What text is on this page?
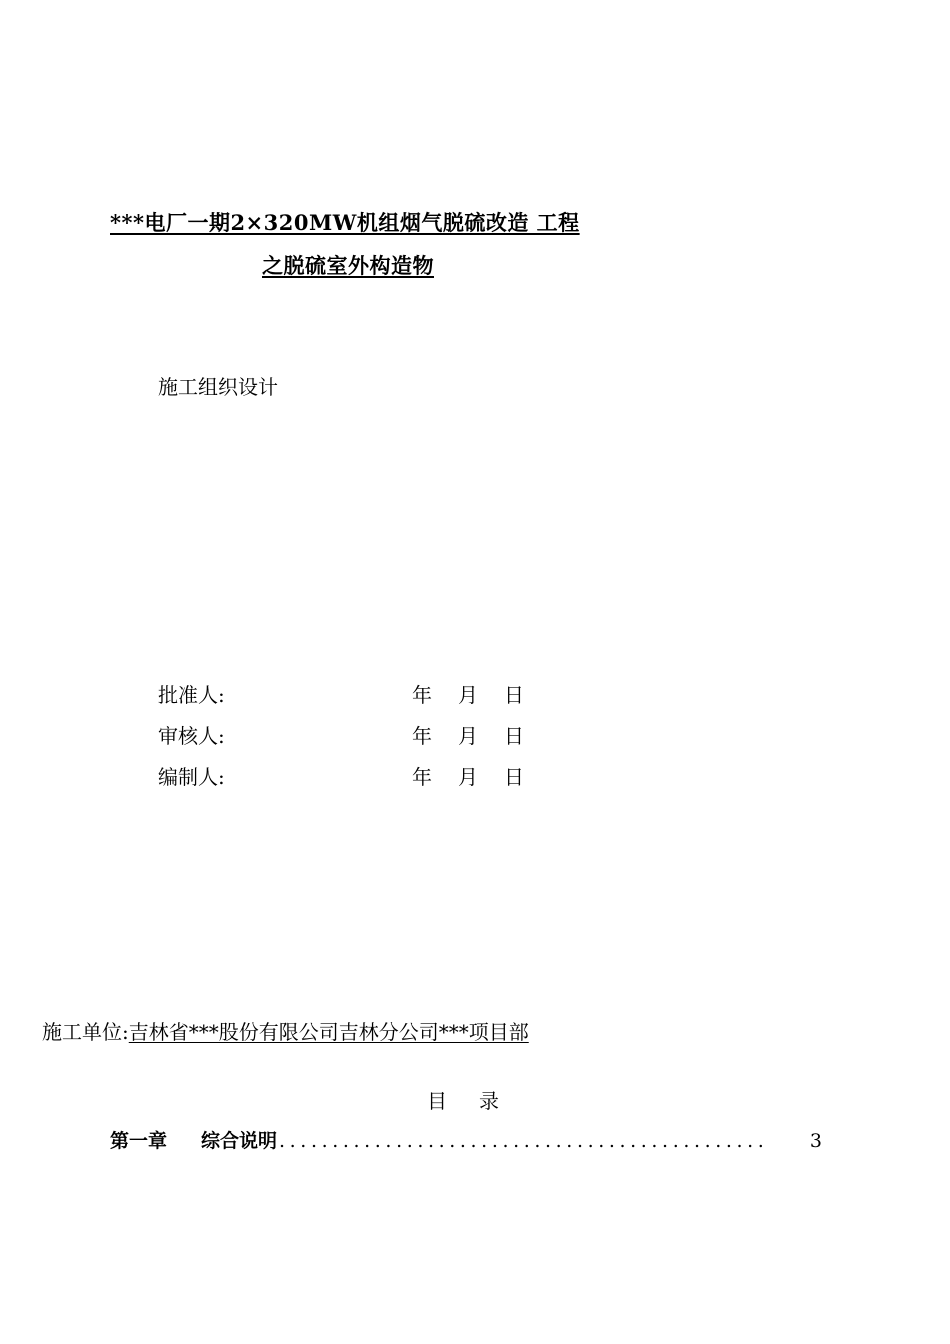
***电厂一期2×320MW机组烟气脱硫改造 工程
之脱硫室外构造物
施工组织设计
批准人:	年 月 日
审核人:	年 月 日
编制人:	年 月 日
施工单位:吉林省***股份有限公司吉林分公司***项目部
目 录
第一章 综合说明 ..............................................	3
